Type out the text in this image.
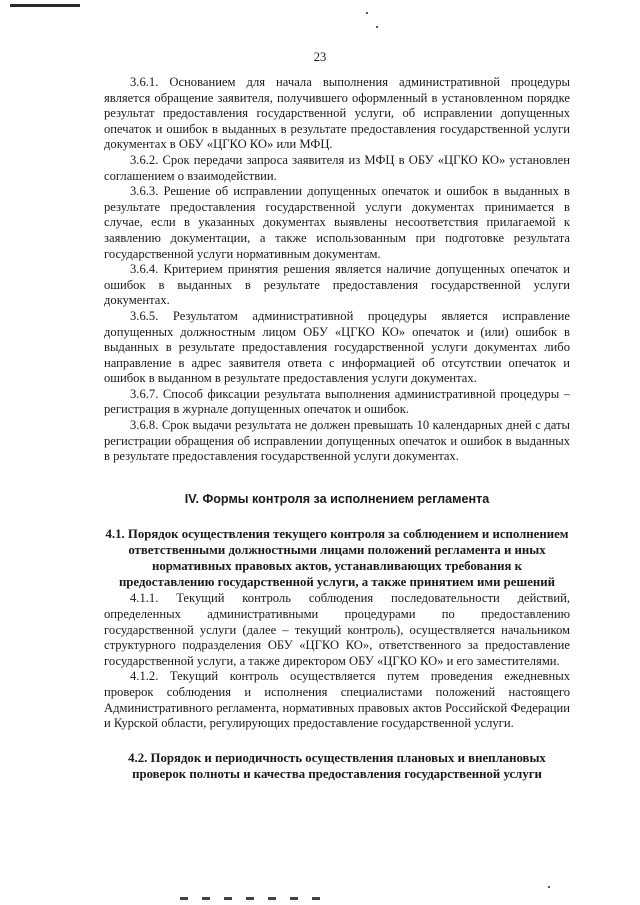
23

3.6.1. Основанием для начала выполнения административной процедуры является обращение заявителя, получившего оформленный в установленном порядке результат предоставления государственной услуги, об исправлении допущенных опечаток и ошибок в выданных в результате предоставления государственной услуги документах в ОБУ «ЦГКО КО» или МФЦ.

3.6.2. Срок передачи запроса заявителя из МФЦ в ОБУ «ЦГКО КО» установлен соглашением о взаимодействии.

3.6.3. Решение об исправлении допущенных опечаток и ошибок в выданных в результате предоставления государственной услуги документах принимается в случае, если в указанных документах выявлены несоответствия прилагаемой к заявлению документации, а также использованным при подготовке результата государственной услуги нормативным документам.

3.6.4. Критерием принятия решения является наличие допущенных опечаток и ошибок в выданных в результате предоставления государственной услуги документах.

3.6.5. Результатом административной процедуры является исправление допущенных должностным лицом ОБУ «ЦГКО КО» опечаток и (или) ошибок в выданных в результате предоставления государственной услуги документах либо направление в адрес заявителя ответа с информацией об отсутствии опечаток и ошибок в выданном в результате предоставления услуги документах.

3.6.7. Способ фиксации результата выполнения административной процедуры – регистрация в журнале допущенных опечаток и ошибок.

3.6.8. Срок выдачи результата не должен превышать 10 календарных дней с даты регистрации обращения об исправлении допущенных опечаток и ошибок в выданных в результате предоставления государственной услуги документах.

IV. Формы контроля за исполнением регламента
4.1. Порядок осуществления текущего контроля за соблюдением и исполнением ответственными должностными лицами положений регламента и иных нормативных правовых актов, устанавливающих требования к предоставлению государственной услуги, а также принятием ими решений

4.1.1. Текущий контроль соблюдения последовательности действий, определенных административными процедурами по предоставлению государственной услуги (далее – текущий контроль), осуществляется начальником структурного подразделения ОБУ «ЦГКО КО», ответственного за предоставление государственной услуги, а также директором ОБУ «ЦГКО КО» и его заместителями.

4.1.2. Текущий контроль осуществляется путем проведения ежедневных проверок соблюдения и исполнения специалистами положений настоящего Административного регламента, нормативных правовых актов Российской Федерации и Курской области, регулирующих предоставление государственной услуги.

4.2. Порядок и периодичность осуществления плановых и внеплановых проверок полноты и качества предоставления государственной услуги
